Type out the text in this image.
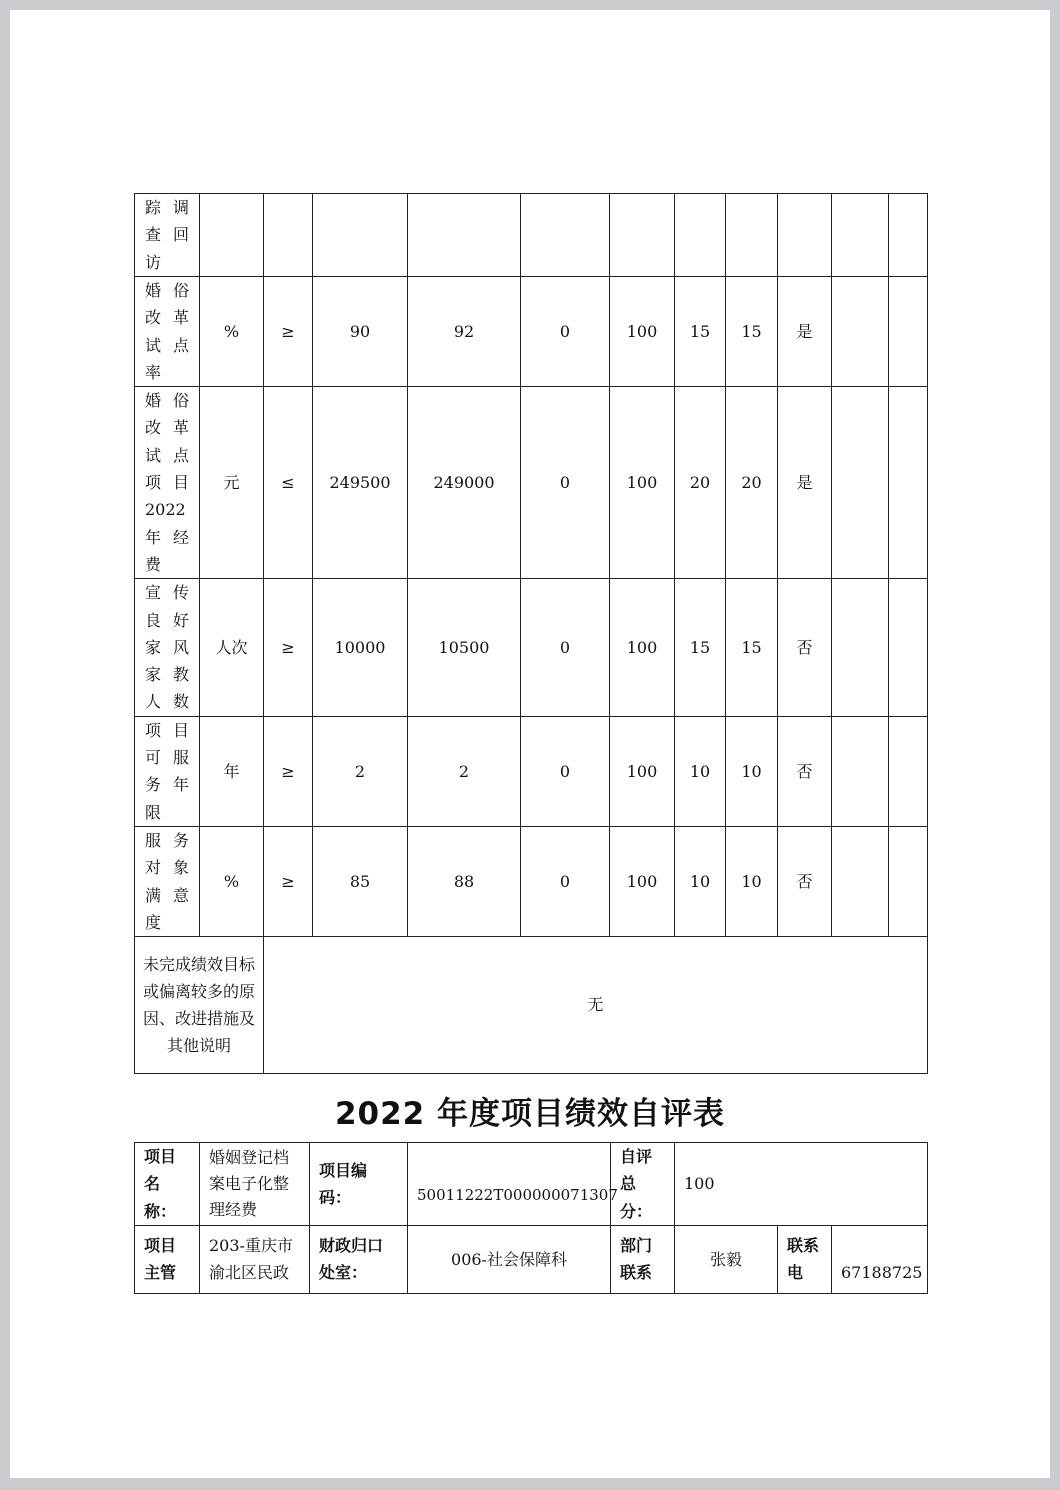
踪调查回访											
婚俗改革试点率	%	≥	90	92	0	100	15	15	是		
婚俗改革试点项目2022年经费	元	≤	249500	249000	0	100	20	20	是		
宣传良好家风家教人数	人次	≥	10000	10500	0	100	15	15	否		
项目可服务年限	年	≥	2	2	0	100	10	10	否		
服务对象满意度	%	≥	85	88	0	100	10	10	否		
未完成绩效目标或偏离较多的原因、改进措施及其他说明		无									
2022 年度项目绩效自评表
项目名称：	婚姻登记档案电子化整理经费	项目编码：	50011222T000000071307	自评总分：	100		
项目主管	203-重庆市渝北区民政	财政归口处室：	006-社会保障科	部门联系	张毅	联系电	67188725
